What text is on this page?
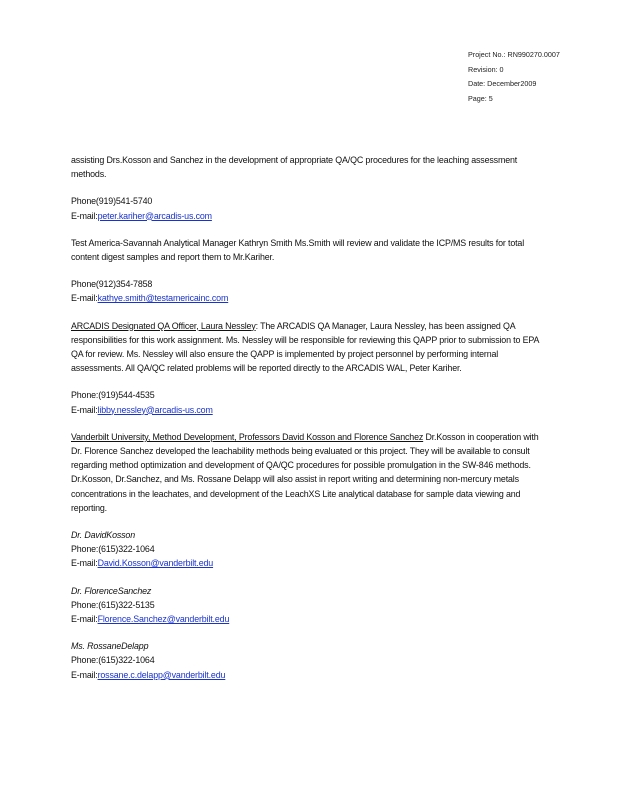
Project No.: RN990270.0007
Revision: 0
Date: December2009
Page: 5

assisting Drs.Kosson and Sanchez in the development of appropriate QA/QC procedures for the leaching assessment methods.

Phone(919)541-5740
E-mail:peter.kariher@arcadis-us.com

Test America-Savannah Analytical Manager Kathryn Smith Ms.Smith will review and validate the ICP/MS results for total content digest samples and report them to Mr.Kariher.

Phone(912)354-7858
E-mail:kathye.smith@testamericainc.com

ARCADIS Designated QA Officer, Laura Nessley: The ARCADIS QA Manager, Laura Nessley, has been assigned QA responsibilities for this work assignment. Ms. Nessley will be responsible for reviewing this QAPP prior to submission to EPA QA for review. Ms. Nessley will also ensure the QAPP is implemented by project personnel by performing internal assessments. All QA/QC related problems will be reported directly to the ARCADIS WAL, Peter Kariher.

Phone:(919)544-4535
E-mail:libby.nessley@arcadis-us.com

Vanderbilt University, Method Development, Professors David Kosson and Florence Sanchez Dr.Kosson in cooperation with Dr. Florence Sanchez developed the leachability methods being evaluated or this project. They will be available to consult regarding method optimization and development of QA/QC procedures for possible promulgation in the SW-846 methods. Dr.Kosson, Dr.Sanchez, and Ms. Rossane Delapp will also assist in report writing and determining non-mercury metals concentrations in the leachates, and development of the LeachXS Lite analytical database for sample data viewing and reporting.

Dr. DavidKosson
Phone:(615)322-1064
E-mail:David.Kosson@vanderbilt.edu

Dr. FlorenceSanchez
Phone:(615)322-5135
E-mail:Florence.Sanchez@vanderbilt.edu

Ms. RossaneDelapp
Phone:(615)322-1064
E-mail:rossane.c.delapp@vanderbilt.edu
